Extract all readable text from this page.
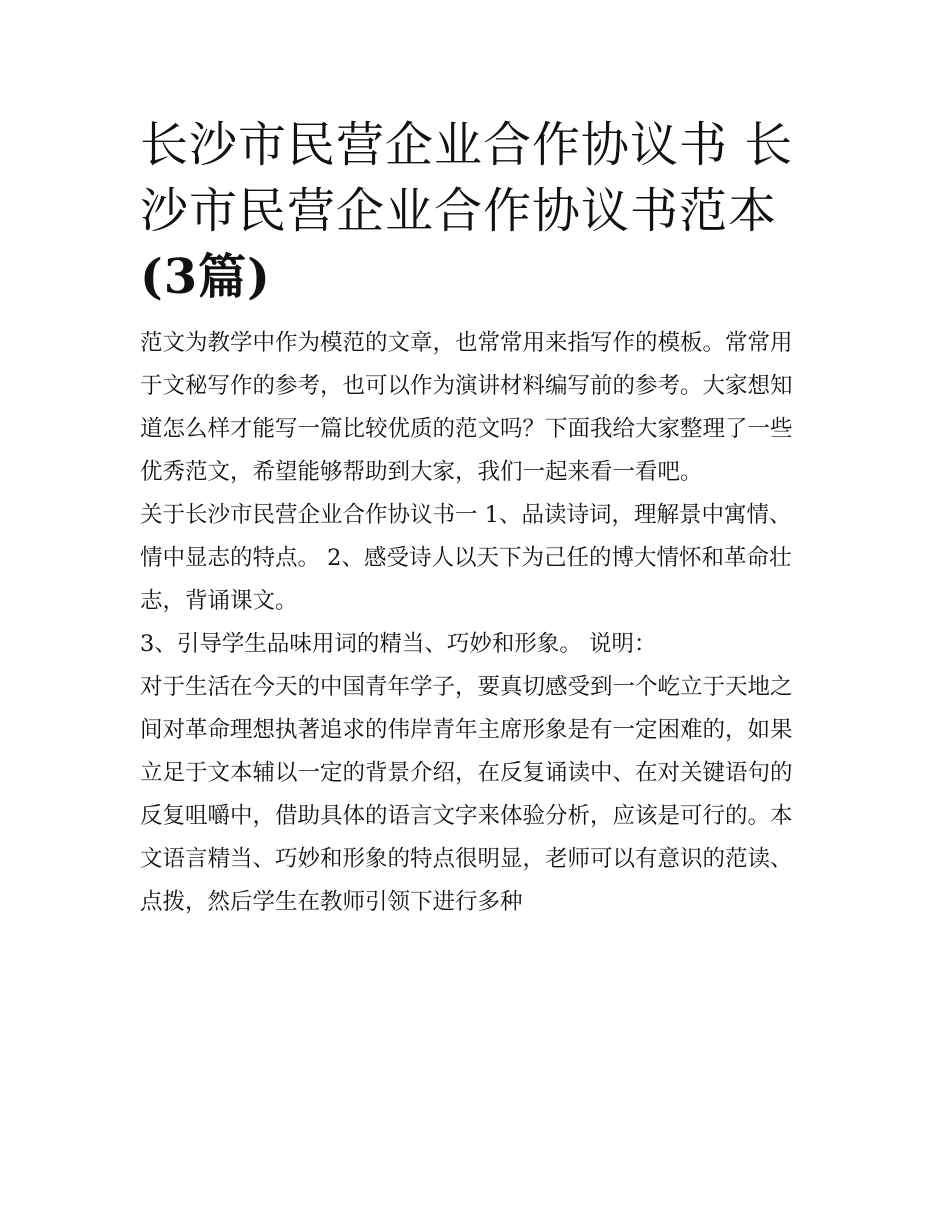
长沙市民营企业合作协议书 长沙市民营企业合作协议书范本(3篇)

范文为教学中作为模范的文章，也常常用来指写作的模板。常常用于文秘写作的参考，也可以作为演讲材料编写前的参考。大家想知道怎么样才能写一篇比较优质的范文吗？下面我给大家整理了一些优秀范文，希望能够帮助到大家，我们一起来看一看吧。

关于长沙市民营企业合作协议书一 1、品读诗词，理解景中寓情、情中显志的特点。 2、感受诗人以天下为己任的博大情怀和革命壮志，背诵课文。

3、引导学生品味用词的精当、巧妙和形象。 说明：

对于生活在今天的中国青年学子，要真切感受到一个屹立于天地之间对革命理想执著追求的伟岸青年主席形象是有一定困难的，如果立足于文本辅以一定的背景介绍，在反复诵读中、在对关键语句的反复咀嚼中，借助具体的语言文字来体验分析，应该是可行的。本文语言精当、巧妙和形象的特点很明显，老师可以有意识的范读、点拨，然后学生在教师引领下进行多种
